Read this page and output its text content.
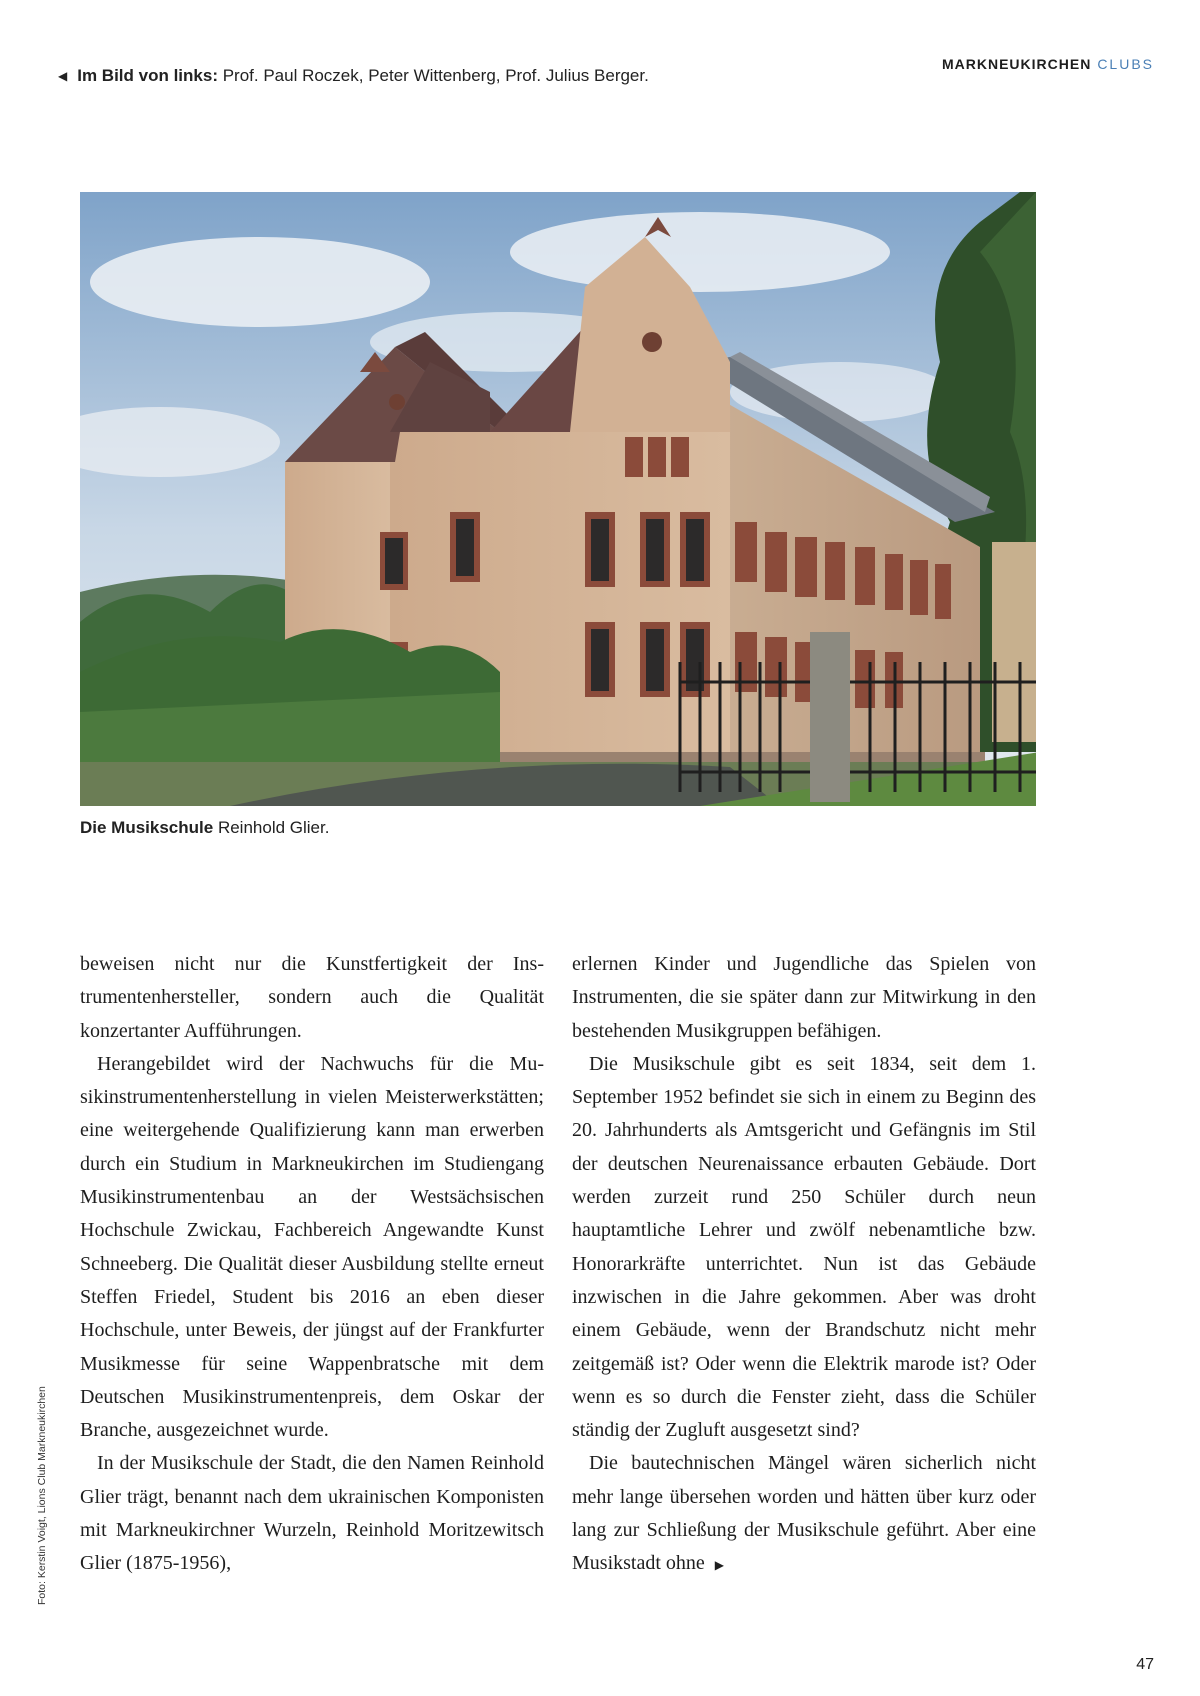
◀ Im Bild von links: Prof. Paul Roczek, Peter Wittenberg, Prof. Julius Berger.
MARKNEUKIRCHEN CLUBS
Die Musikschule Reinhold Glier.
Foto: Kerstin Voigt, Lions Club Markneukirchen

beweisen nicht nur die Kunstfertigkeit der Instrumentenhersteller, sondern auch die Qualität konzertanter Aufführungen.

Herangebildet wird der Nachwuchs für die Musikinstrumentenherstellung in vielen Meisterwerkstätten; eine weitergehende Qualifizierung kann man erwerben durch ein Studium in Markneukirchen im Studiengang Musikinstrumentenbau an der Westsächsischen Hochschule Zwickau, Fachbereich Angewandte Kunst Schneeberg. Die Qualität dieser Ausbildung stellte erneut Steffen Friedel, Student bis 2016 an eben dieser Hochschule, unter Beweis, der jüngst auf der Frankfurter Musikmesse für seine Wappenbratsche mit dem Deutschen Musikinstrumentenpreis, dem Oskar der Branche, ausgezeichnet wurde.

In der Musikschule der Stadt, die den Namen Reinhold Glier trägt, benannt nach dem ukrainischen Komponisten mit Markneukirchner Wurzeln, Reinhold Moritzewitsch Glier (1875-1956),

erlernen Kinder und Jugendliche das Spielen von Instrumenten, die sie später dann zur Mitwirkung in den bestehenden Musikgruppen befähigen.

Die Musikschule gibt es seit 1834, seit dem 1. September 1952 befindet sie sich in einem zu Beginn des 20. Jahrhunderts als Amtsgericht und Gefängnis im Stil der deutschen Neurenaissance erbauten Gebäude. Dort werden zurzeit rund 250 Schüler durch neun hauptamtliche Lehrer und zwölf nebenamtliche bzw. Honorarkräfte unterrichtet. Nun ist das Gebäude inzwischen in die Jahre gekommen. Aber was droht einem Gebäude, wenn der Brandschutz nicht mehr zeitgemäß ist? Oder wenn die Elektrik marode ist? Oder wenn es so durch die Fenster zieht, dass die Schüler ständig der Zugluft ausgesetzt sind?

Die bautechnischen Mängel wären sicherlich nicht mehr lange übersehen worden und hätten über kurz oder lang zur Schließung der Musikschule geführt. Aber eine Musikstadt ohne ▶

47
